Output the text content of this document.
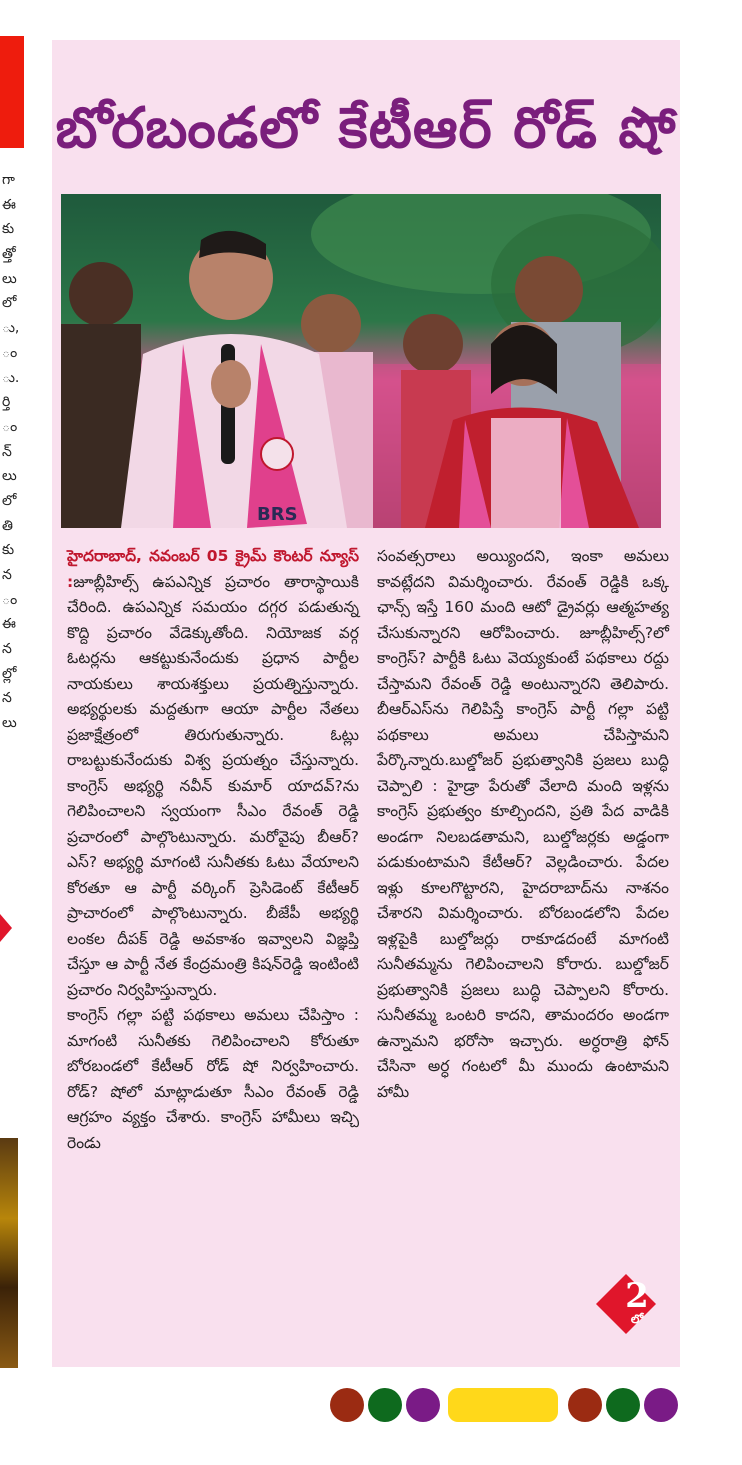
గా
ఈ
కు
త్తో
లు
లో
ు,
ం
ు.
ర్తి
ం
న్
లు
లో
తి
కు
న
ం
ఈ
న
ల్లో
న
లు
బోరబండలో కేటీఆర్ రోడ్ షో
BRS

హైదరాబాద్, నవంబర్ 05 క్రైమ్ కౌంటర్ న్యూస్ :జూబ్లీహిల్స్ ఉపఎన్నిక ప్రచారం తారాస్థాయికి చేరింది. ఉపఎన్నిక సమయం దగ్గర పడుతున్న కొద్ది ప్రచారం వేడెక్కుతోంది. నియోజక వర్గ ఓటర్లను ఆకట్టుకునేందుకు ప్రధాన పార్టీల నాయకులు శాయశక్తులు ప్రయత్నిస్తున్నారు. అభ్యర్థులకు మద్దతుగా ఆయా పార్టీల నేతలు ప్రజాక్షేత్రంలో తిరుగుతున్నారు. ఓట్లు రాబట్టుకునేందుకు విశ్వ ప్రయత్నం చేస్తున్నారు. కాంగ్రెస్ అభ్యర్థి నవీన్ కుమార్ యాదవ్?ను గెలిపించాలని స్వయంగా సీఎం రేవంత్ రెడ్డి ప్రచారంలో పాల్గొంటున్నారు. మరోవైపు బీఆర్?ఎస్? అభ్యర్థి మాగంటి సునీతకు ఓటు వేయాలని కోరతూ ఆ పార్టీ వర్కింగ్ ప్రెసిడెంట్ కేటీఆర్ ప్రాచారంలో పాల్గొంటున్నారు. బీజేపీ అభ్యర్థి లంకల దీపక్ రెడ్డి అవకాశం ఇవ్వాలని విజ్ఞప్తి చేస్తూ ఆ పార్టీ నేత కేంద్రమంత్రి కిషన్‌రెడ్డి ఇంటింటి ప్రచారం నిర్వహిస్తున్నారు.

కాంగ్రెస్ గల్లా పట్టి పథకాలు అమలు చేపిస్తాం : మాగంటి సునీతకు గెలిపించాలని కోరుతూ బోరబండలో కేటీఆర్ రోడ్ షో నిర్వహించారు. రోడ్? షోలో మాట్లాడుతూ సీఎం రేవంత్ రెడ్డి ఆగ్రహం వ్యక్తం చేశారు. కాంగ్రెస్ హామీలు ఇచ్చి రెండు

సంవత్సరాలు అయ్యిందని, ఇంకా అమలు కావట్లేదని విమర్శించారు. రేవంత్ రెడ్డికి ఒక్క ఛాన్స్ ఇస్తే 160 మంది ఆటో డ్రైవర్లు ఆత్మహత్య చేసుకున్నారని ఆరోపించారు. జూబ్లీహిల్స్?లో కాంగ్రెస్? పార్టీకి ఓటు వెయ్యకుంటే పథకాలు రద్దు చేస్తామని రేవంత్ రెడ్డి అంటున్నారని తెలిపారు. బీఆర్ఎస్‌ను గెలిపిస్తే కాంగ్రెస్ పార్టీ గల్లా పట్టి పథకాలు అమలు చేపిస్తామని పేర్కొన్నారు.బుల్డోజర్ ప్రభుత్వానికి ప్రజలు బుద్ధి చెప్పాలి : హైడ్రా పేరుతో వేలాది మంది ఇళ్లను కాంగ్రెస్ ప్రభుత్వం కూల్చిందని, ప్రతి పేద వాడికి అండగా నిలబడతామని, బుల్డోజర్లకు అడ్డంగా పడుకుంటామని కేటీఆర్? వెల్లడించారు. పేదల ఇళ్లు కూలగొట్టారని, హైదరాబాద్‌ను నాశనం చేశారని విమర్శించారు. బోరబండలోని పేదల ఇళ్లపైకి బుల్డోజర్లు రాకూడదంటే మాగంటి సునీతమ్మను గెలిపించాలని కోరారు. బుల్డోజర్ ప్రభుత్వానికి ప్రజలు బుద్ధి చెప్పాలని కోరారు. సునీతమ్మ ఒంటరి కాదని, తామందరం అండగా ఉన్నామని భరోసా ఇచ్చారు. అర్ధరాత్రి ఫోన్ చేసినా అర్ధ గంటలో మీ ముందు ఉంటామని హామీ

2
లో
